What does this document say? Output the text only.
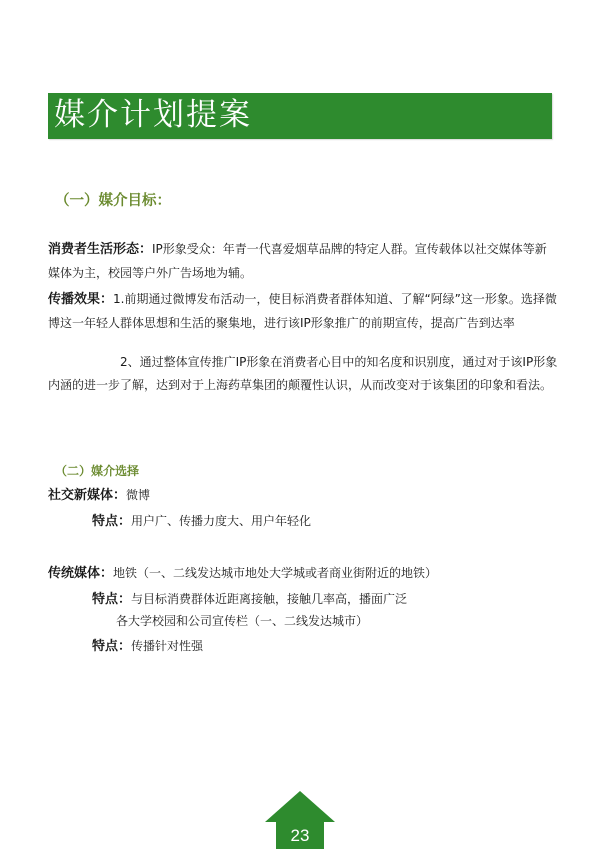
媒介计划提案
（一）媒介目标：
消费者生活形态：IP形象受众：年青一代喜爱烟草品牌的特定人群。宣传载体以社交媒体等新媒体为主，校园等户外广告场地为辅。
传播效果：1.前期通过微博发布活动一，使目标消费者群体知道、了解“阿绿”这一形象。选择微博这一年轻人群体思想和生活的聚集地，进行该IP形象推广的前期宣传，提高广告到达率
2、通过整体宣传推广IP形象在消费者心目中的知名度和识别度，通过对于该IP形象内涵的进一步了解，达到对于上海药草集团的颠覆性认识，从而改变对于该集团的印象和看法。
（二）媒介选择
社交新媒体：微博
特点：用户广、传播力度大、用户年轻化
传统媒体：地铁（一、二线发达城市地处大学城或者商业街附近的地铁）
特点：与目标消费群体近距离接触，接触几率高，播面广泛
各大学校园和公司宣传栏（一、二线发达城市）
特点：传播针对性强
23
